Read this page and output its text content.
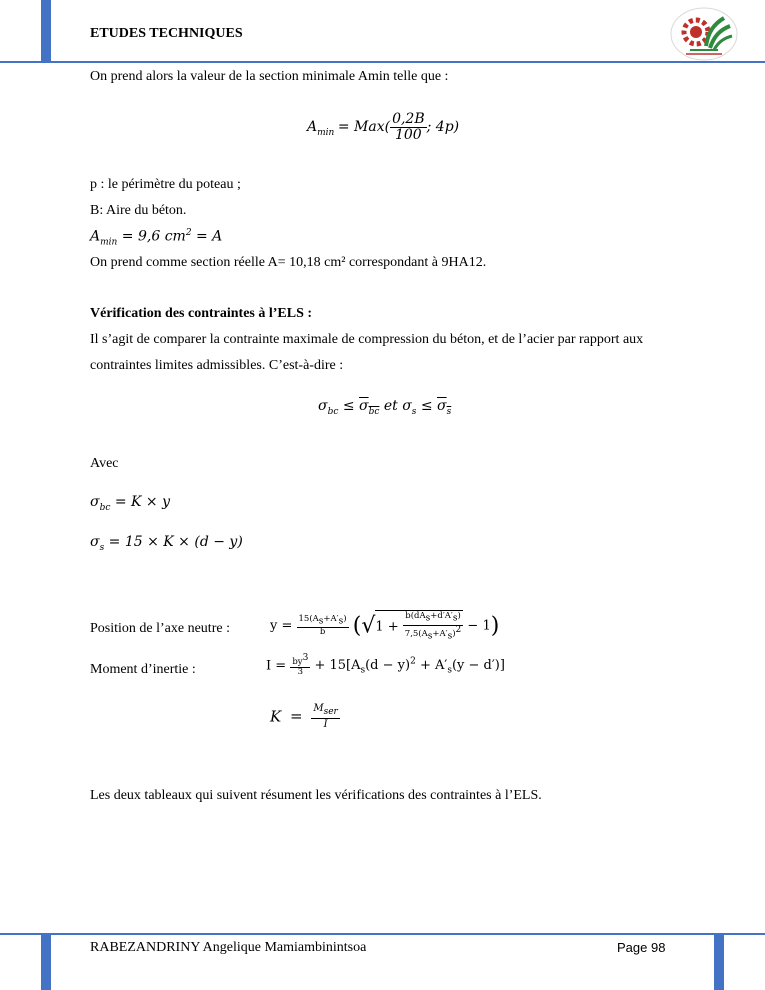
ETUDES TECHNIQUES
On prend alors la valeur de la section minimale Amin telle que :
$A_{min} = Max( \frac{0,2B}{100}$ ; 4p)
p : le périmètre du poteau ;
B: Aire du béton.
$A_{min} = 9,6$ $cm^2 = A$
On prend comme section réelle A= 10,18 cm² correspondant à 9HA12.
Vérification des contraintes à l’ELS :
Il s’agit de comparer la contrainte maximale de compression du béton, et de l’acier par rapport aux
contraintes limites admissibles. C’est-à-dire :
$\sigma_{bc} \le \sigma_{bc}$ et $\sigma_s \le \sigma_s$
Avec
$\sigma_{bc} = K \times y$
$\sigma_s = 15 \times K \times (d - y)$
Position de l’axe neutre :	$y = \frac{15(A_s+A'_s)}{b} (√1 + \frac{b(dA_s+d'A'_s)}{7,5(A_s+A'_s)^2} - 1)$
Moment d’inertie :	$I = \frac{by^3}{3} + 15[A_s(d - y)^2 + A'_s(y - d')]$
$K = \frac{M_{ser}}{I}$
Les deux tableaux qui suivent résument les vérifications des contraintes à l’ELS.
RABEZANDRINY Angelique Mamiambinintsoa	Page 98
